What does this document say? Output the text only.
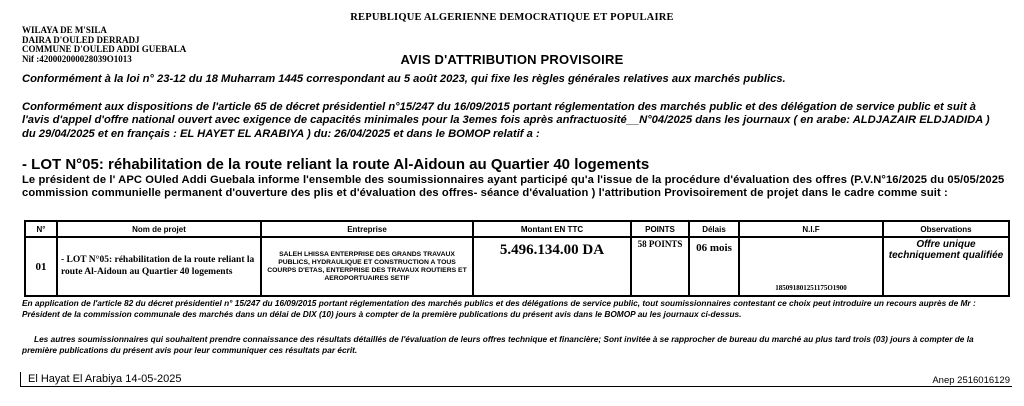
REPUBLIQUE ALGERIENNE DEMOCRATIQUE ET POPULAIRE
WILAYA DE M'SILA
DAIRA D'OULED DERRADJ
COMMUNE D'OULED ADDI GUEBALA
Nif :420002000028039O1013	AVIS D'ATTRIBUTION PROVISOIRE

Conformément à la loi n° 23-12 du 18 Muharram 1445 correspondant au 5 août 2023, qui fixe les règles générales relatives aux marchés publics.

Conformément aux dispositions de l'article 65 de décret présidentiel n°15/247 du 16/09/2015 portant réglementation des marchés public et des délégation de service public et suit à l'avis d'appel d'offre national ouvert avec exigence de capacités minimales pour la 3emes fois après anfractuosité__N°04/2025 dans les journaux ( en arabe: ALDJAZAIR ELDJADIDA ) du 29/04/2025 et en français : EL HAYET EL ARABIYA ) du: 26/04/2025 et dans le BOMOP relatif a :

- LOT N°05: réhabilitation de la route reliant la route Al-Aidoun au Quartier 40 logements

Le président de l' APC OUled Addi Guebala informe l'ensemble des soumissionnaires ayant participé qu'a l'issue de la procédure d'évaluation des offres (P.V.N°16/2025 du 05/05/2025 commission communielle permanent d'ouverture des plis et d'évaluation des offres- séance d'évaluation ) l'attribution Provisoirement de projet dans le cadre comme suit :

N°	Nom de projet	Entreprise	Montant EN TTC	POINTS	Délais	N.I.F	Observations
01	- LOT N°05: réhabilitation de la route reliant la route Al-Aidoun au Quartier 40 logements	SALEH LHISSA ENTERPRISE DES GRANDS TRAVAUX PUBLICS, HYDRAULIQUE ET CONSTRUCTION A TOUS COURPS D'ETAS, ENTERPRISE DES TRAVAUX ROUTIERS ET AEROPORTUAIRES SETIF	5.496.134.00 DA	58 POINTS	06 mois	185091801251175O1900	Offre unique techniquement qualifiée

En application de l'article 82 du décret présidentiel n° 15/247 du 16/09/2015 portant réglementation des marchés publics et des délégations de service public, tout soumissionnaires contestant ce choix peut introduire un recours auprès de Mr : Président de la commission communale des marchés dans un délai de DIX (10) jours à compter de la première publications du présent avis dans le BOMOP au les journaux ci-dessus.

Les autres soumissionnaires qui souhaitent prendre connaissance des résultats détaillés de l'évaluation de leurs offres technique et financière; Sont invitée à se rapprocher de bureau du marché au plus tard trois (03) jours à compter de la première publications du présent avis pour leur communiquer ces résultats par écrit.

El Hayat El Arabiya 14-05-2025	Anep 2516016129
